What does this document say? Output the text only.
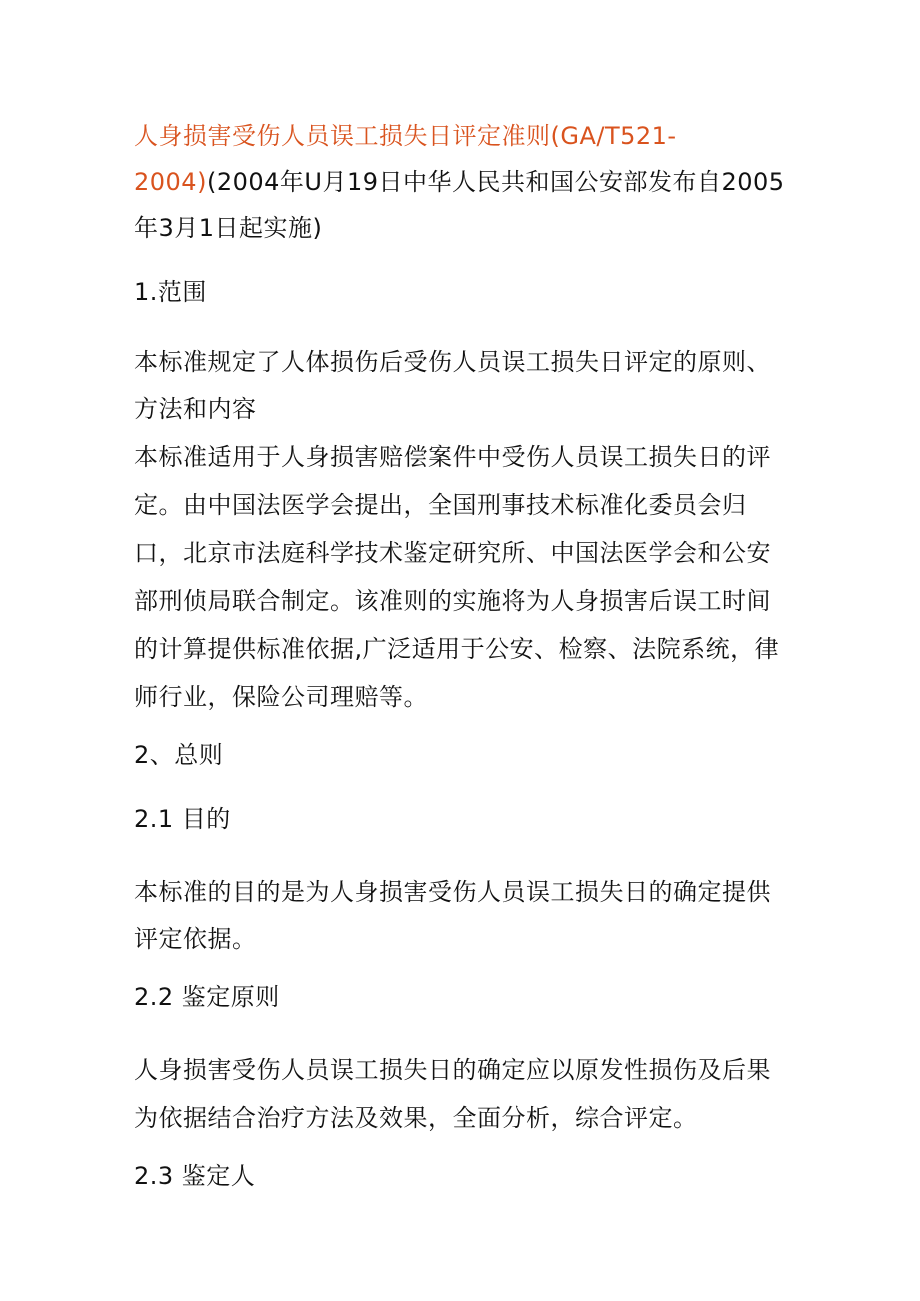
人身损害受伤人员误工损失日评定准则(GA/T521-
2004)(2004年U月19日中华人民共和国公安部发布自2005
年3月1日起实施)
1.范围
本标准规定了人体损伤后受伤人员误工损失日评定的原则、
方法和内容
本标准适用于人身损害赔偿案件中受伤人员误工损失日的评
定。由中国法医学会提出，全国刑事技术标准化委员会归
口，北京市法庭科学技术鉴定研究所、中国法医学会和公安
部刑侦局联合制定。该准则的实施将为人身损害后误工时间
的计算提供标准依据,广泛适用于公安、检察、法院系统，律
师行业，保险公司理赔等。
2、总则
2.1 目的
本标准的目的是为人身损害受伤人员误工损失日的确定提供
评定依据。
2.2 鉴定原则
人身损害受伤人员误工损失日的确定应以原发性损伤及后果
为依据结合治疗方法及效果，全面分析，综合评定。
2.3 鉴定人
